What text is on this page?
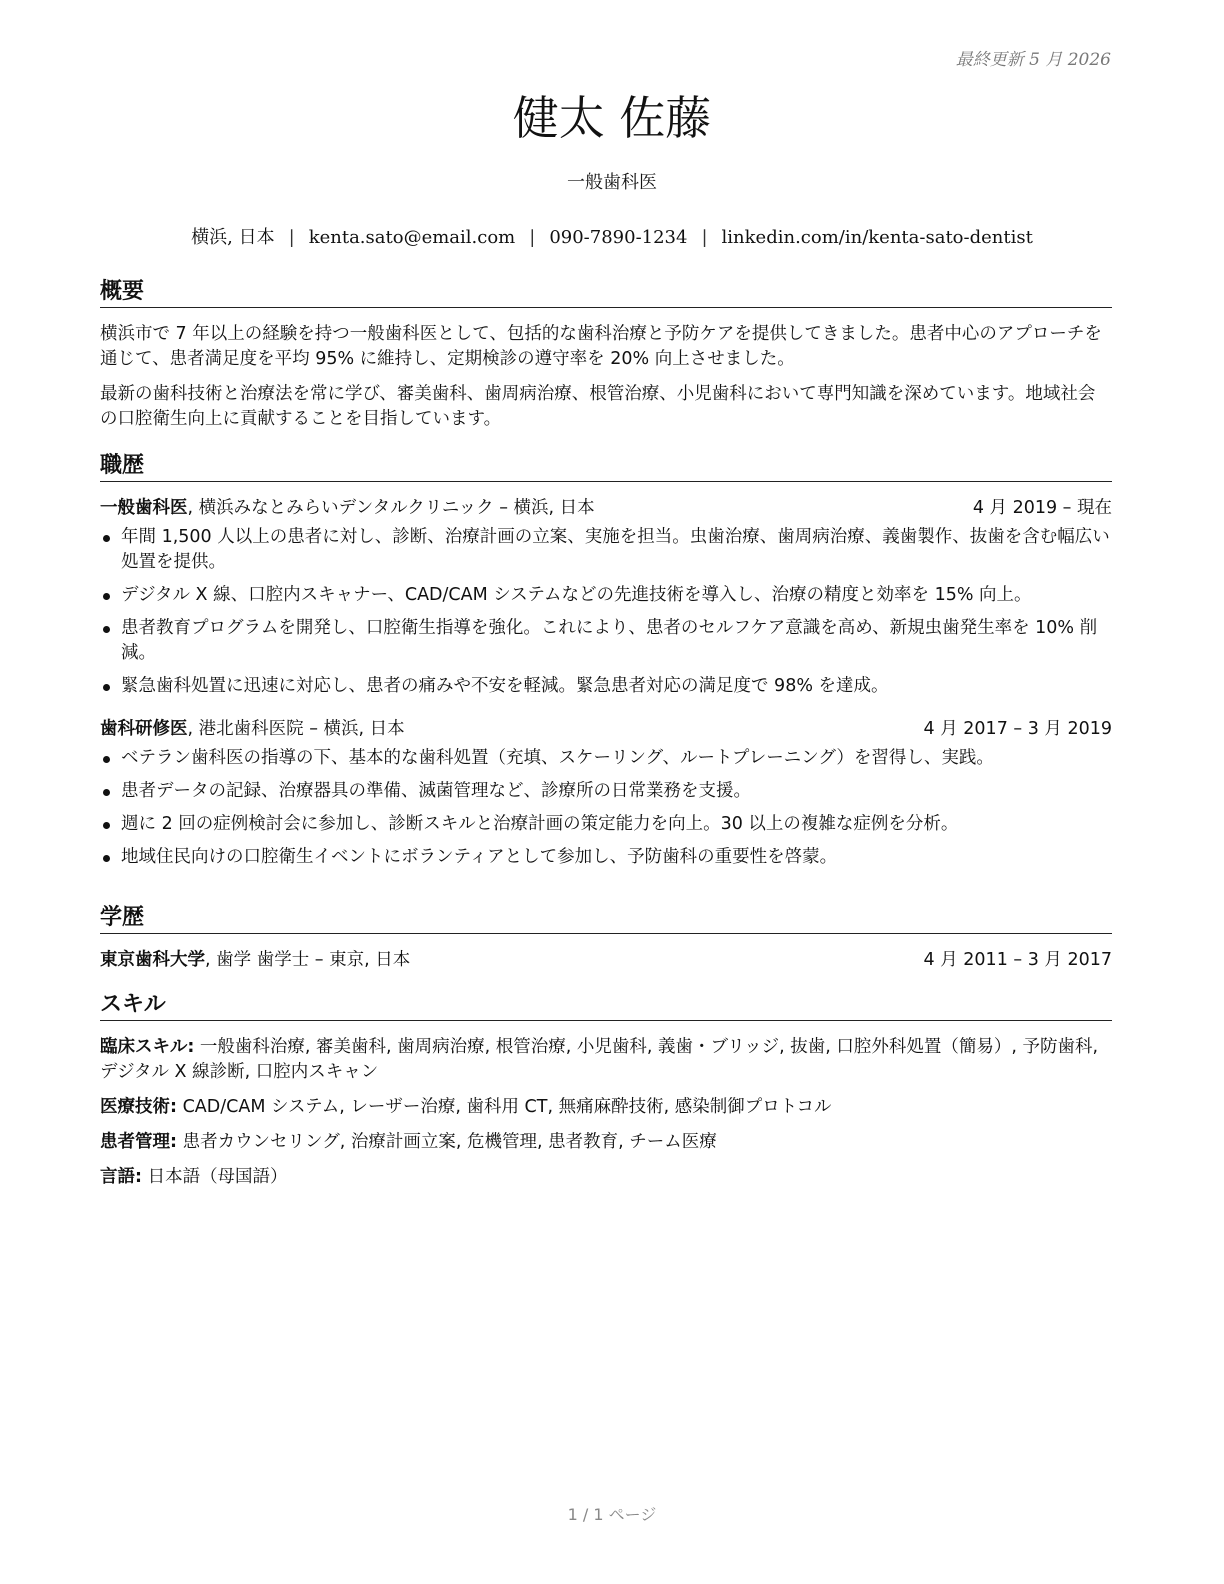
最終更新 5 月 2026
健太 佐藤
一般歯科医
横浜, 日本 | kenta.sato@email.com | 090-7890-1234 | linkedin.com/in/kenta-sato-dentist
概要

横浜市で 7 年以上の経験を持つ一般歯科医として、包括的な歯科治療と予防ケアを提供してきました。患者中心のアプローチを通じて、患者満足度を平均 95% に維持し、定期検診の遵守率を 20% 向上させました。

最新の歯科技術と治療法を常に学び、審美歯科、歯周病治療、根管治療、小児歯科において専門知識を深めています。地域社会の口腔衛生向上に貢献することを目指しています。

職歴
一般歯科医, 横浜みなとみらいデンタルクリニック – 横浜, 日本	4 月 2019 – 現在
年間 1,500 人以上の患者に対し、診断、治療計画の立案、実施を担当。虫歯治療、歯周病治療、義歯製作、抜歯を含む幅広い処置を提供。
デジタル X 線、口腔内スキャナー、CAD/CAM システムなどの先進技術を導入し、治療の精度と効率を 15% 向上。
患者教育プログラムを開発し、口腔衛生指導を強化。これにより、患者のセルフケア意識を高め、新規虫歯発生率を 10% 削減。
緊急歯科処置に迅速に対応し、患者の痛みや不安を軽減。緊急患者対応の満足度で 98% を達成。
歯科研修医, 港北歯科医院 – 横浜, 日本	4 月 2017 – 3 月 2019
ベテラン歯科医の指導の下、基本的な歯科処置（充填、スケーリング、ルートプレーニング）を習得し、実践。
患者データの記録、治療器具の準備、滅菌管理など、診療所の日常業務を支援。
週に 2 回の症例検討会に参加し、診断スキルと治療計画の策定能力を向上。30 以上の複雑な症例を分析。
地域住民向けの口腔衛生イベントにボランティアとして参加し、予防歯科の重要性を啓蒙。
学歴
東京歯科大学, 歯学 歯学士 – 東京, 日本	4 月 2011 – 3 月 2017
スキル
臨床スキル: 一般歯科治療, 審美歯科, 歯周病治療, 根管治療, 小児歯科, 義歯・ブリッジ, 抜歯, 口腔外科処置（簡易）, 予防歯科, デジタル X 線診断, 口腔内スキャン
医療技術: CAD/CAM システム, レーザー治療, 歯科用 CT, 無痛麻酔技術, 感染制御プロトコル
患者管理: 患者カウンセリング, 治療計画立案, 危機管理, 患者教育, チーム医療
言語: 日本語（母国語）
1 / 1 ページ
